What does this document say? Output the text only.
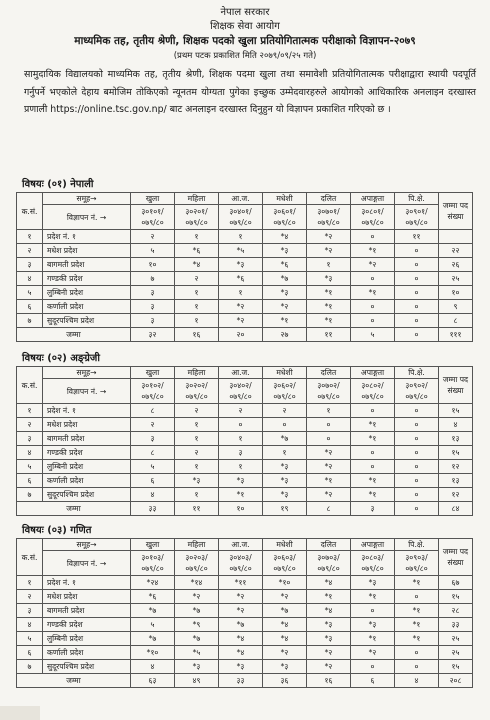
नेपाल सरकार
शिक्षक सेवा आयोग
माध्यमिक तह, तृतीय श्रेणी, शिक्षक पदको खुला प्रतियोगितात्मक परीक्षाको विज्ञापन-२०७९
(प्रथम पटक प्रकाशित मिति २०७९/०९/२५ गते)
सामुदायिक विद्यालयको माध्यमिक तह, तृतीय श्रेणी, शिक्षक पदमा खुला तथा समावेशी प्रतियोगितात्मक परीक्षाद्वारा स्थायी पदपूर्ति गर्नुपर्ने भएकोले देहाय बमोजिम तोकिएको न्यूनतम योग्यता पुगेका इच्छुक उम्मेदवारहरुले आयोगको आधिकारिक अनलाइन दरखास्त प्रणाली https://online.tsc.gov.np/ बाट अनलाइन दरखास्त दिनुहुन यो विज्ञापन प्रकाशित गरिएको छ ।
विषयः (०१) नेपाली
क.सं.	समूह→	खुला	महिला	आ.ज.	मधेशी	दलित	अपाङ्गता	पि.क्षे.	जम्मा पद संख्या
	विज्ञापन नं. →	३०१०१/ ०७९/८०	३०२०१/ ०७९/८०	३०४०१/ ०७९/८०	३०६०१/ ०७९/८०	३०७०१/ ०७९/८०	३०८०१/ ०७९/८०	३०९०१/ ०७९/८०	
१	प्रदेश नं. १	२	१	१	*४	*२	०	११	
२	मधेश प्रदेश	५	*६	*५	*३	*२	*१	०	२२
३	बागमती प्रदेश	१०	*४	*३	*६	१	*२	०	२६
४	गण्डकी प्रदेश	७	२	*६	*७	*३	०	०	२५
५	लुम्बिनी प्रदेश	३	१	१	*३	*१	*१	०	१०
६	कर्णाली प्रदेश	३	१	*२	*२	*१	०	०	९
७	सुदूरपश्चिम प्रदेश	३	१	*२	*१	*१	०	०	८
जम्मा		३२	१६	२०	२७	११	५	०	१११
विषयः (०२) अङ्ग्रेजी
क.सं.	समूह→	खुला	महिला	आ.ज.	मधेशी	दलित	अपाङ्गता	पि.क्षे.	जम्मा पद संख्या
	विज्ञापन नं. →	३०१०२/ ०७९/८०	३०२०२/ ०७९/८०	३०४०२/ ०७९/८०	३०६०२/ ०७९/८०	३०७०२/ ०७९/८०	३०८०२/ ०७९/८०	३०९०२/ ०७९/८०	
१	प्रदेश नं. १	८	२	२	२	१	०	०	१५
२	मधेश प्रदेश	२	१	०	०	०	*१	०	४
३	बागमती प्रदेश	३	१	१	*७	०	*१	०	१३
४	गण्डकी प्रदेश	८	२	३	१	*२	०	०	१५
५	लुम्बिनी प्रदेश	५	१	१	*३	*२	०	०	१२
६	कर्णाली प्रदेश	६	*३	*३	*३	*१	*१	०	१३
७	सुदूरपश्चिम प्रदेश	४	१	*१	*३	*२	*१	०	१२
जम्मा		३३	११	१०	१९	८	३	०	८४
विषयः (०३) गणित
क.सं.	समूह→	खुला	महिला	आ.ज.	मधेशी	दलित	अपाङ्गता	पि.क्षे.	जम्मा पद संख्या
	विज्ञापन नं. →	३०१०३/ ०७९/८०	३०२०३/ ०७९/८०	३०४०३/ ०७९/८०	३०६०३/ ०७९/८०	३०७०३/ ०७९/८०	३०८०३/ ०७९/८०	३०९०३/ ०७९/८०	
१	प्रदेश नं. १	*२४	*१४	*११	*१०	*४	*३	*१	६७
२	मधेश प्रदेश	*६	*२	*२	*२	*१	*१	०	१५
३	बागमती प्रदेश	*७	*७	*२	*७	*४	०	*१	२८
४	गण्डकी प्रदेश	५	*९	*७	*४	*३	*३	*१	३३
५	लुम्बिनी प्रदेश	*७	*७	*४	*४	*३	*१	*१	२५
६	कर्णाली प्रदेश	*१०	*५	*४	*२	*२	*२	०	२५
७	सुदूरपश्चिम प्रदेश	४	*३	*३	*३	*२	०	०	१५
जम्मा		६३	४९	३३	३६	१६	६	४	२०८
